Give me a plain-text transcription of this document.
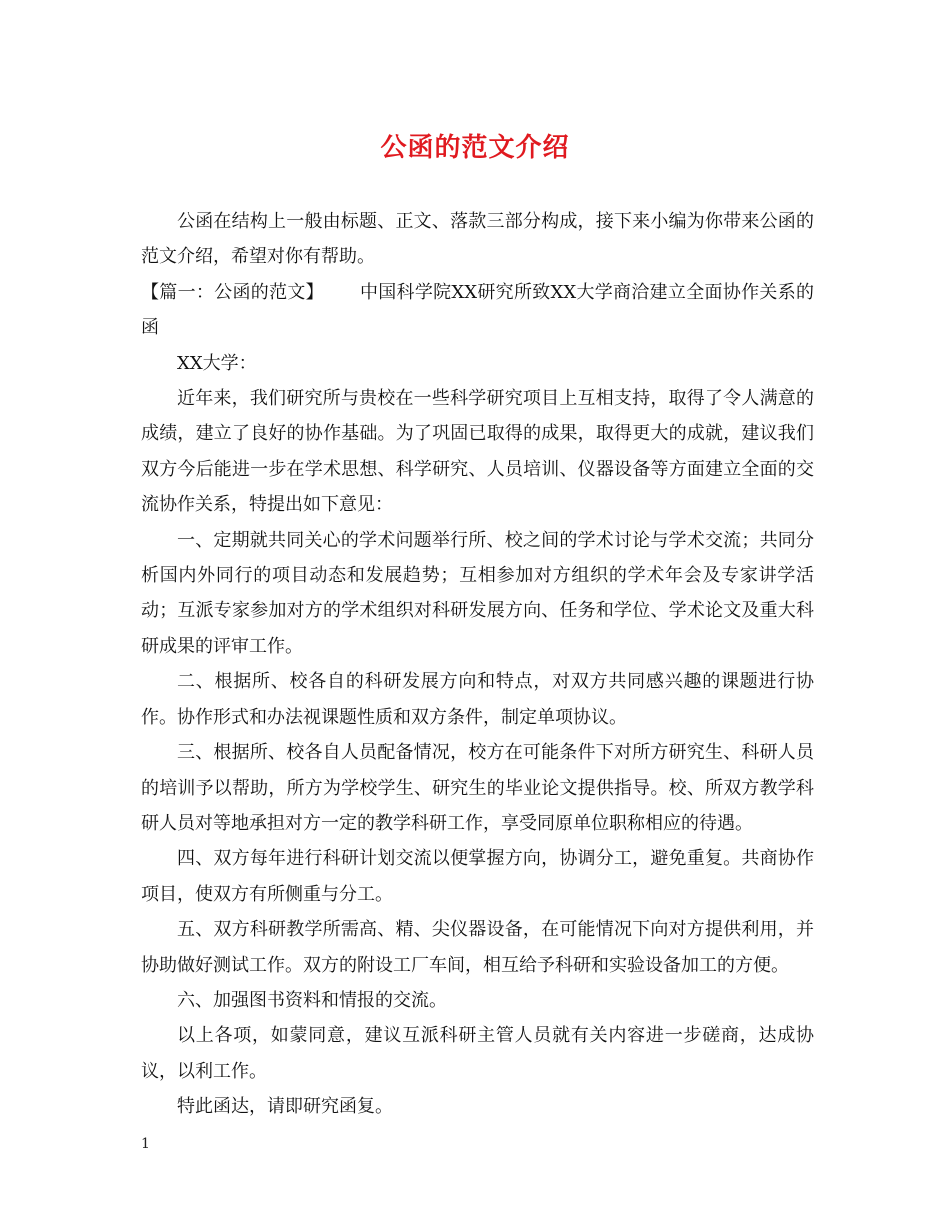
公函的范文介绍

公函在结构上一般由标题、正文、落款三部分构成，接下来小编为你带来公函的范文介绍，希望对你有帮助。

【篇一：公函的范文】 中国科学院XX研究所致XX大学商洽建立全面协作关系的函

XX大学：

近年来，我们研究所与贵校在一些科学研究项目上互相支持，取得了令人满意的成绩，建立了良好的协作基础。为了巩固已取得的成果，取得更大的成就，建议我们双方今后能进一步在学术思想、科学研究、人员培训、仪器设备等方面建立全面的交流协作关系，特提出如下意见：

一、定期就共同关心的学术问题举行所、校之间的学术讨论与学术交流；共同分析国内外同行的项目动态和发展趋势；互相参加对方组织的学术年会及专家讲学活动；互派专家参加对方的学术组织对科研发展方向、任务和学位、学术论文及重大科研成果的评审工作。

二、根据所、校各自的科研发展方向和特点，对双方共同感兴趣的课题进行协作。协作形式和办法视课题性质和双方条件，制定单项协议。

三、根据所、校各自人员配备情况，校方在可能条件下对所方研究生、科研人员的培训予以帮助，所方为学校学生、研究生的毕业论文提供指导。校、所双方教学科研人员对等地承担对方一定的教学科研工作，享受同原单位职称相应的待遇。

四、双方每年进行科研计划交流以便掌握方向，协调分工，避免重复。共商协作项目，使双方有所侧重与分工。

五、双方科研教学所需高、精、尖仪器设备，在可能情况下向对方提供利用，并协助做好测试工作。双方的附设工厂车间，相互给予科研和实验设备加工的方便。

六、加强图书资料和情报的交流。

以上各项，如蒙同意，建议互派科研主管人员就有关内容进一步磋商，达成协议，以利工作。

特此函达，请即研究函复。

1
